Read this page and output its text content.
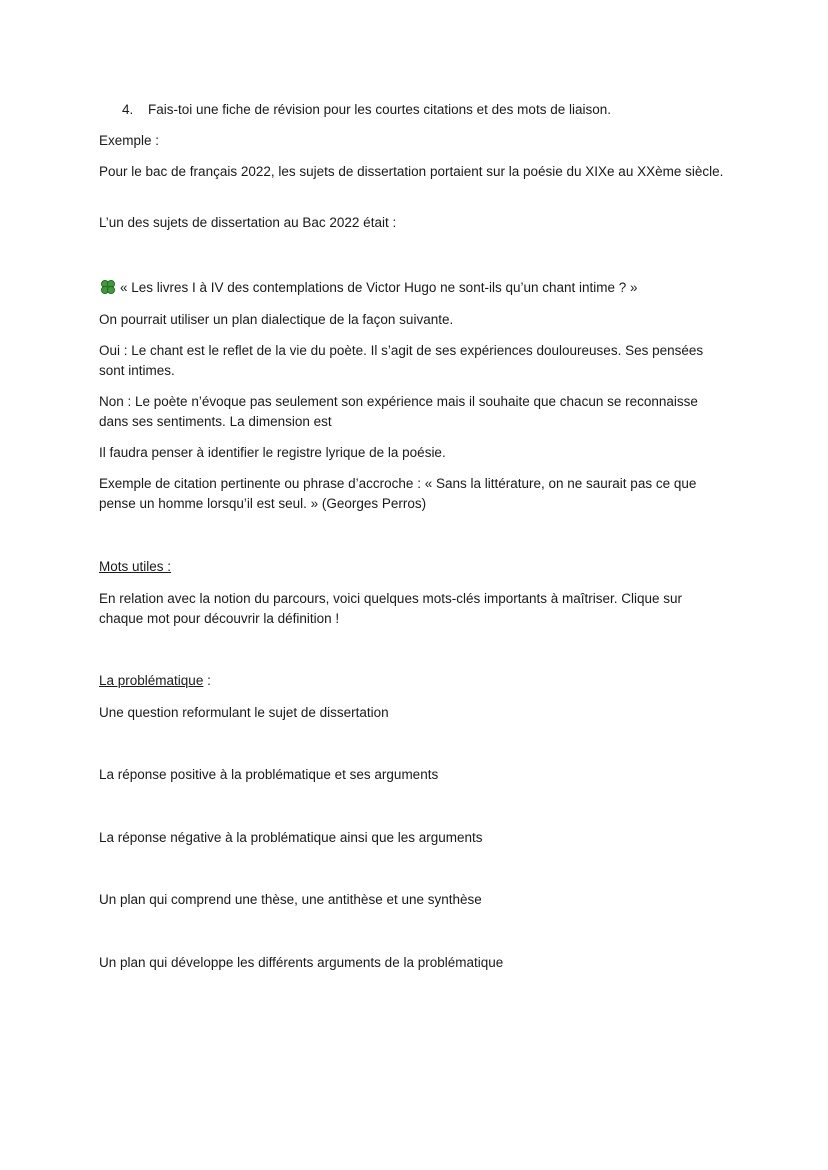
4. Fais-toi une fiche de révision pour les courtes citations et des mots de liaison.

Exemple :

Pour le bac de français 2022, les sujets de dissertation portaient sur la poésie du XIXe au XXème siècle.

L’un des sujets de dissertation au Bac 2022 était :

« Les livres I à IV des contemplations de Victor Hugo ne sont-ils qu’un chant intime ? »

On pourrait utiliser un plan dialectique de la façon suivante.

Oui : Le chant est le reflet de la vie du poète. Il s’agit de ses expériences douloureuses. Ses pensées sont intimes.

Non : Le poète n’évoque pas seulement son expérience mais il souhaite que chacun se reconnaisse dans ses sentiments. La dimension est

Il faudra penser à identifier le registre lyrique de la poésie.

Exemple de citation pertinente ou phrase d’accroche : « Sans la littérature, on ne saurait pas ce que pense un homme lorsqu’il est seul. » (Georges Perros)

Mots utiles :

En relation avec la notion du parcours, voici quelques mots-clés importants à maîtriser. Clique sur chaque mot pour découvrir la définition !

La problématique :

Une question reformulant le sujet de dissertation

La réponse positive à la problématique et ses arguments

La réponse négative à la problématique ainsi que les arguments

Un plan qui comprend une thèse, une antithèse et une synthèse

Un plan qui développe les différents arguments de la problématique
